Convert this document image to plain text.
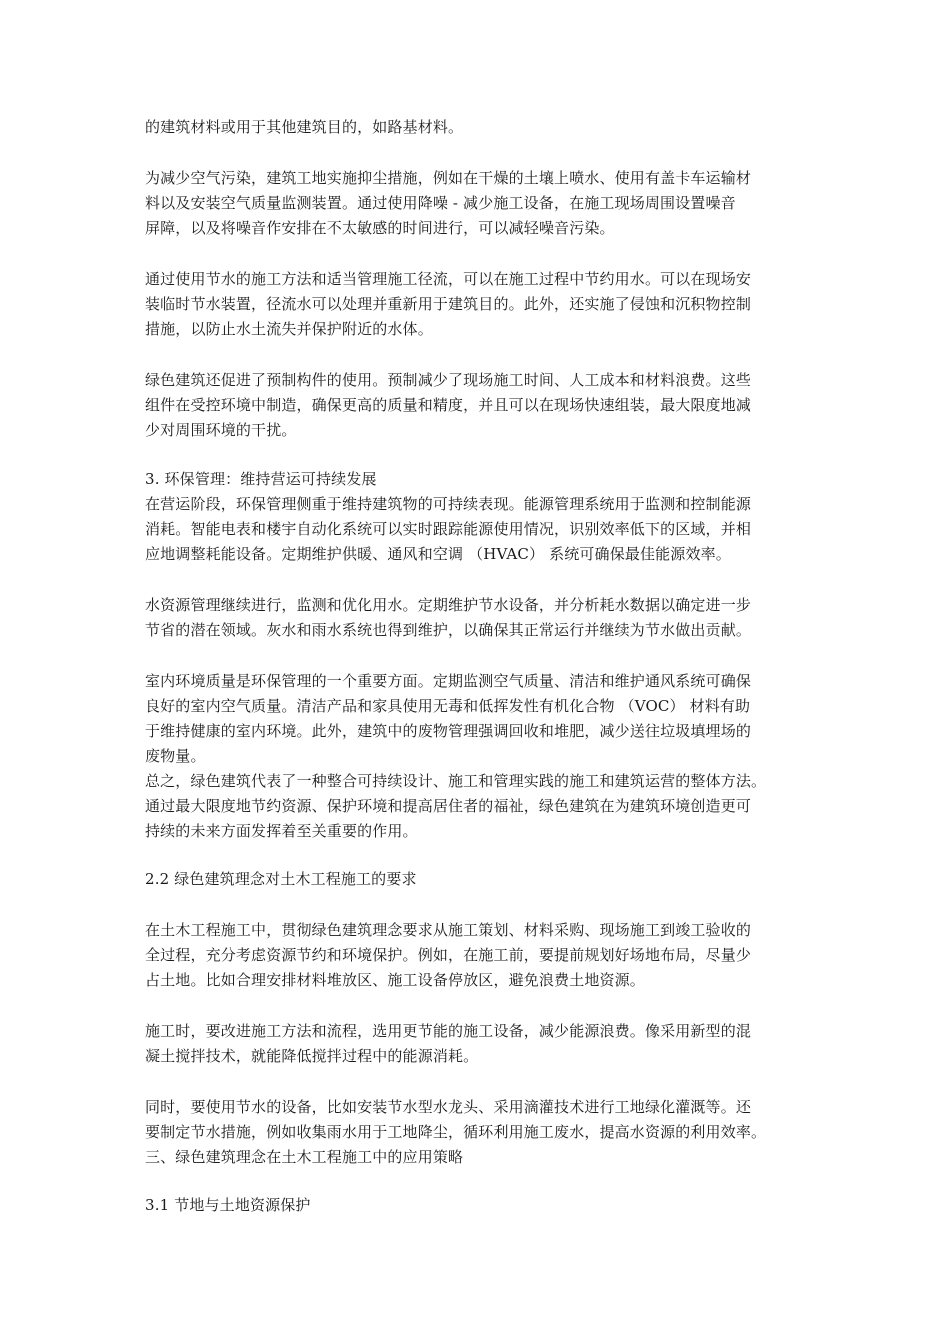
的建筑材料或用于其他建筑目的，如路基材料。
为减少空气污染，建筑工地实施抑尘措施，例如在干燥的土壤上喷水、使用有盖卡车运输材
料以及安装空气质量监测装置。通过使用降噪 - 减少施工设备，在施工现场周围设置噪音
屏障，以及将噪音作安排在不太敏感的时间进行，可以减轻噪音污染。
通过使用节水的施工方法和适当管理施工径流，可以在施工过程中节约用水。可以在现场安
装临时节水装置，径流水可以处理并重新用于建筑目的。此外，还实施了侵蚀和沉积物控制
措施，以防止水土流失并保护附近的水体。
绿色建筑还促进了预制构件的使用。预制减少了现场施工时间、人工成本和材料浪费。这些
组件在受控环境中制造，确保更高的质量和精度，并且可以在现场快速组装，最大限度地减
少对周围环境的干扰。
3. 环保管理：维持营运可持续发展
在营运阶段，环保管理侧重于维持建筑物的可持续表现。能源管理系统用于监测和控制能源
消耗。智能电表和楼宇自动化系统可以实时跟踪能源使用情况，识别效率低下的区域，并相
应地调整耗能设备。定期维护供暖、通风和空调 （HVAC） 系统可确保最佳能源效率。
水资源管理继续进行，监测和优化用水。定期维护节水设备，并分析耗水数据以确定进一步
节省的潜在领域。灰水和雨水系统也得到维护，以确保其正常运行并继续为节水做出贡献。
室内环境质量是环保管理的一个重要方面。定期监测空气质量、清洁和维护通风系统可确保
良好的室内空气质量。清洁产品和家具使用无毒和低挥发性有机化合物 （VOC） 材料有助
于维持健康的室内环境。此外，建筑中的废物管理强调回收和堆肥，减少送往垃圾填埋场的
废物量。
总之，绿色建筑代表了一种整合可持续设计、施工和管理实践的施工和建筑运营的整体方法。
通过最大限度地节约资源、保护环境和提高居住者的福祉，绿色建筑在为建筑环境创造更可
持续的未来方面发挥着至关重要的作用。
2.2 绿色建筑理念对土木工程施工的要求
在土木工程施工中，贯彻绿色建筑理念要求从施工策划、材料采购、现场施工到竣工验收的
全过程，充分考虑资源节约和环境保护。例如，在施工前，要提前规划好场地布局，尽量少
占土地。比如合理安排材料堆放区、施工设备停放区，避免浪费土地资源。
施工时，要改进施工方法和流程，选用更节能的施工设备，减少能源浪费。像采用新型的混
凝土搅拌技术，就能降低搅拌过程中的能源消耗。
同时，要使用节水的设备，比如安装节水型水龙头、采用滴灌技术进行工地绿化灌溉等。还
要制定节水措施，例如收集雨水用于工地降尘，循环利用施工废水，提高水资源的利用效率。
三、绿色建筑理念在土木工程施工中的应用策略
3.1 节地与土地资源保护
